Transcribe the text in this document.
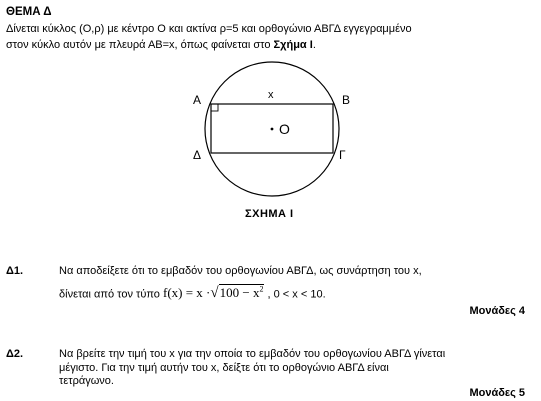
ΘΕΜΑ Δ
Δίνεται κύκλος (Ο,ρ) με κέντρο Ο και ακτίνα ρ=5 και ορθογώνιο ΑΒΓΔ εγγεγραμμένο
στον κύκλο αυτόν με πλευρά ΑΒ=x, όπως φαίνεται στο Σχήμα Ι.
Α	Β
Γ
Δ
x
Ο
ΣΧΗΜΑ Ι
Δ1.	Να αποδείξετε ότι το εμβαδόν του ορθογωνίου ΑΒΓΔ, ως συνάρτηση του x,
δίνεται από τον τύπο $f(x) = x \cdot√100 - x^2$ , 0 < x < 10.
Μονάδες 4
Δ2.	Να βρείτε την τιμή του x για την οποία το εμβαδόν του ορθογωνίου ΑΒΓΔ γίνεται
μέγιστο. Για την τιμή αυτήν του x, δείξτε ότι το ορθογώνιο ΑΒΓΔ είναι
τετράγωνο.
Μονάδες 5
